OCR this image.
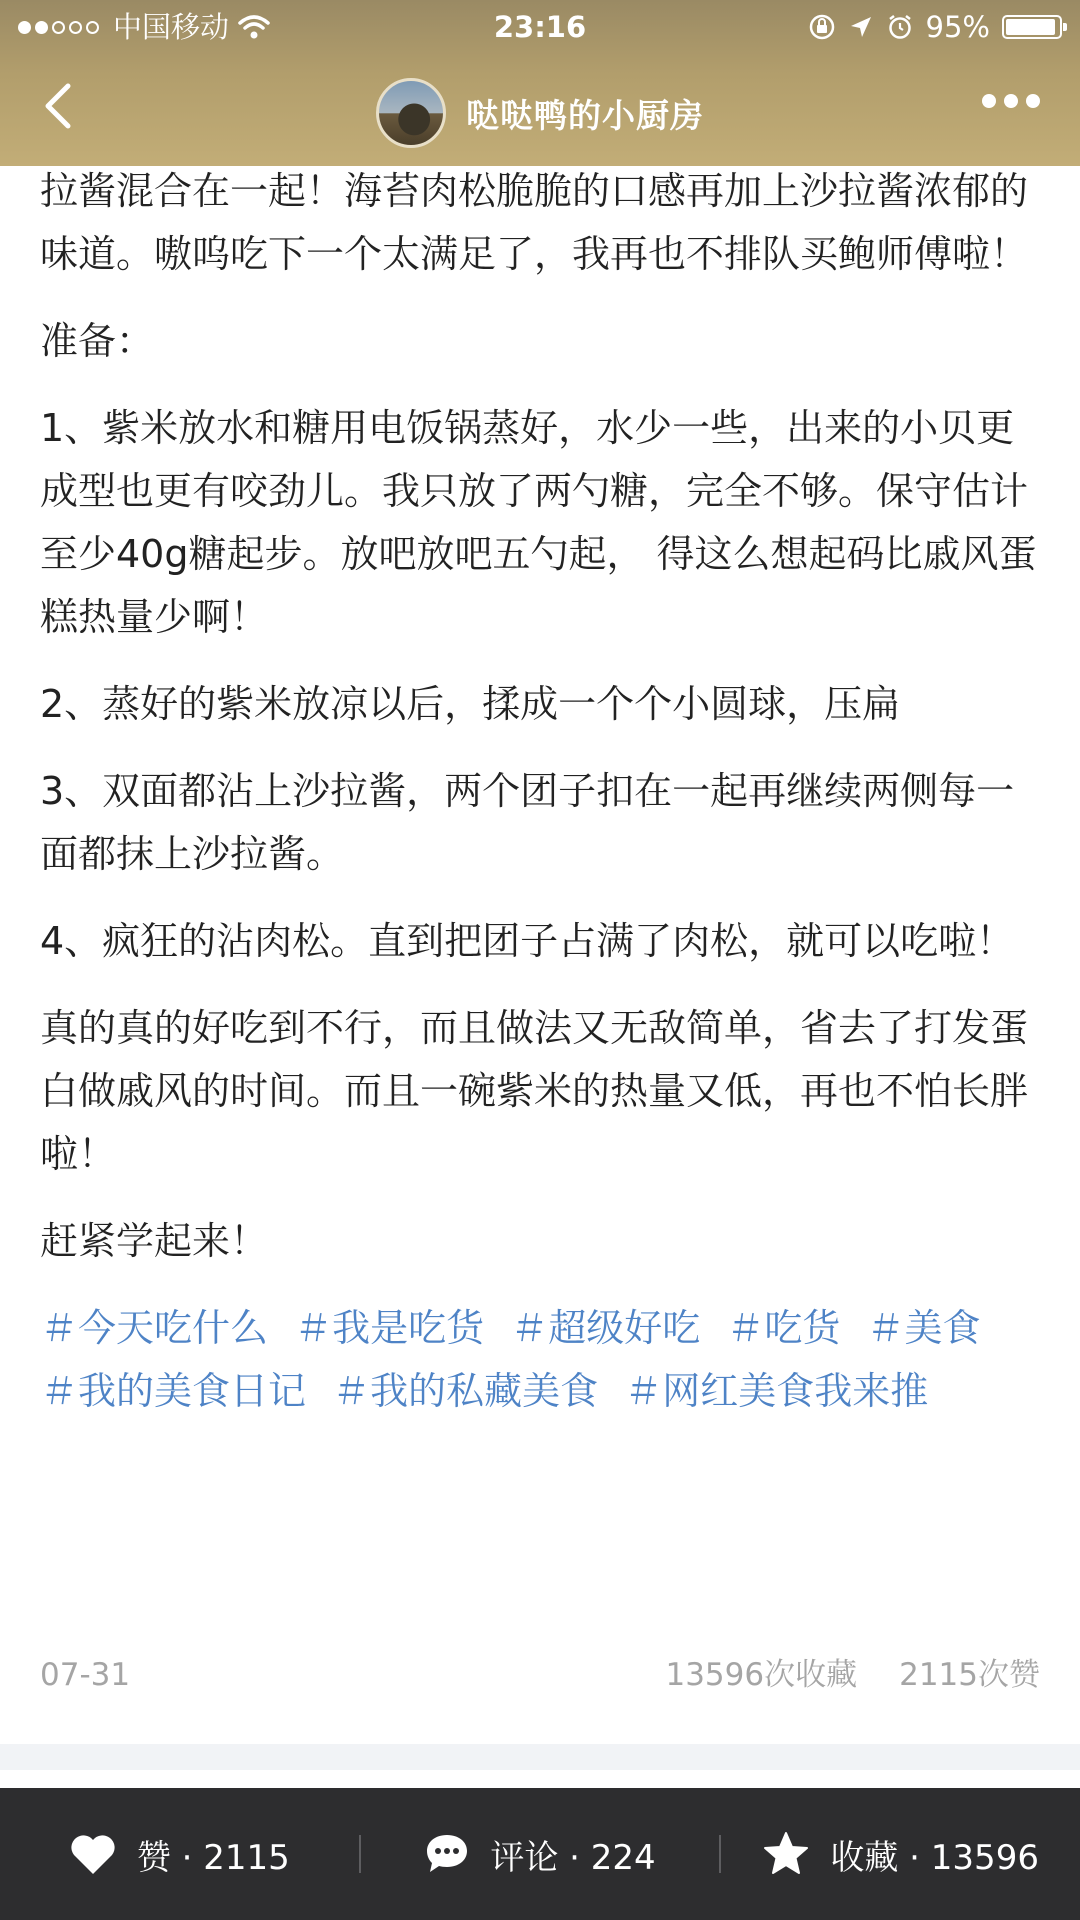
中国移动	23:16	95%
哒哒鸭的小厨房

拉酱混合在一起！海苔肉松脆脆的口感再加上沙拉酱浓郁的味道。嗷呜吃下一个太满足了，我再也不排队买鲍师傅啦！

准备：

1、紫米放水和糖用电饭锅蒸好，水少一些，出来的小贝更成型也更有咬劲儿。我只放了两勺糖，完全不够。保守估计至少40g糖起步。放吧放吧五勺起， 得这么想起码比戚风蛋糕热量少啊！

2、蒸好的紫米放凉以后，揉成一个个小圆球，压扁

3、双面都沾上沙拉酱，两个团子扣在一起再继续两侧每一面都抹上沙拉酱。

4、疯狂的沾肉松。直到把团子占满了肉松，就可以吃啦！

真的真的好吃到不行，而且做法又无敌简单，省去了打发蛋白做戚风的时间。而且一碗紫米的热量又低，再也不怕长胖啦！

赶紧学起来！

＃今天吃什么 ＃我是吃货 ＃超级好吃 ＃吃货 ＃美食 ＃我的美食日记 ＃我的私藏美食 ＃网红美食我来推
07-31	13596次收藏 2115次赞
赞 · 2115	评论 · 224	收藏 · 13596
